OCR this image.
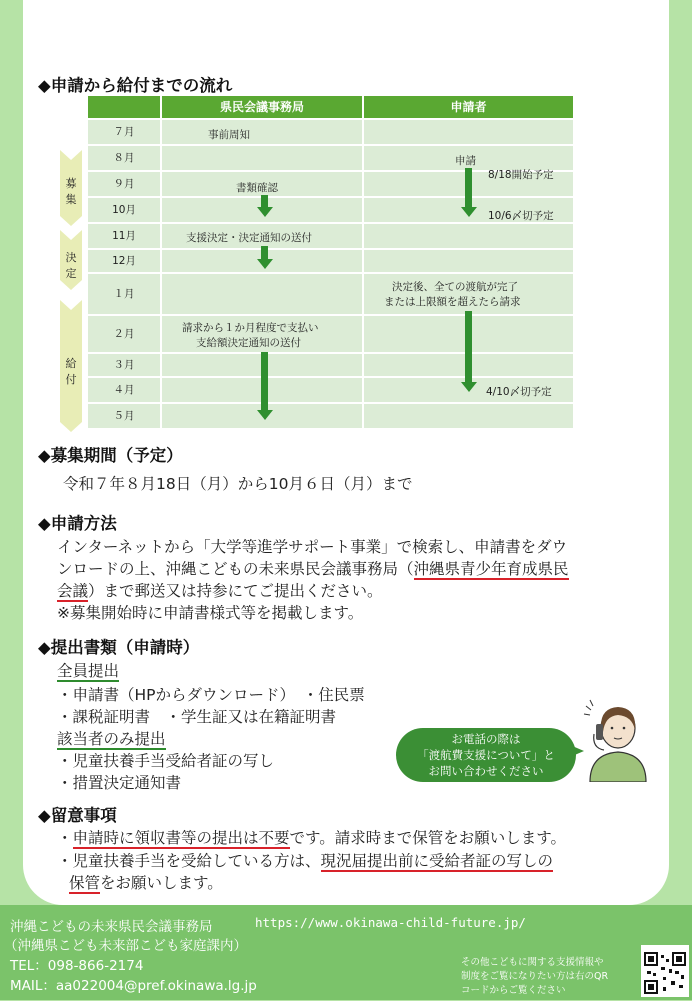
◆申請から給付までの流れ
募集
決定
給付
県民会議事務局	申請者
７月
８月
９月
10月
11月
12月
１月
２月
３月
４月
５月
事前周知
申請
8/18開始予定
書類確認
10/6〆切予定
支援決定・決定通知の送付
決定後、全ての渡航が完了
または上限額を超えたら請求
請求から１か月程度で支払い
支給額決定通知の送付
4/10〆切予定
◆募集期間（予定）
令和７年８月18日（月）から10月６日（月）まで
◆申請方法
インターネットから「大学等進学サポート事業」で検索し、申請書をダウ
ンロードの上、沖縄こどもの未来県民会議事務局（沖縄県青少年育成県民
会議）まで郵送又は持参にてご提出ください。
※募集開始時に申請書様式等を掲載します。
◆提出書類（申請時）
全員提出
・申請書（HPからダウンロード）　・住民票
・課税証明書　・学生証又は在籍証明書
該当者のみ提出
・児童扶養手当受給者証の写し
・措置決定通知書
お電話の際は
「渡航費支援について」と
お問い合わせください
◆留意事項
・申請時に領収書等の提出は不要です。請求時まで保管をお願いします。
・児童扶養手当を受給している方は、現況届提出前に受給者証の写しの
保管をお願いします。
沖縄こどもの未来県民会議事務局	https://www.okinawa-child-future.jp/
（沖縄県こども未来部こども家庭課内）
TEL：098-866-2174
MAIL：aa022004@pref.okinawa.lg.jp
その他こどもに関する支援情報や
制度をご覧になりたい方は右のQR
コードからご覧ください
